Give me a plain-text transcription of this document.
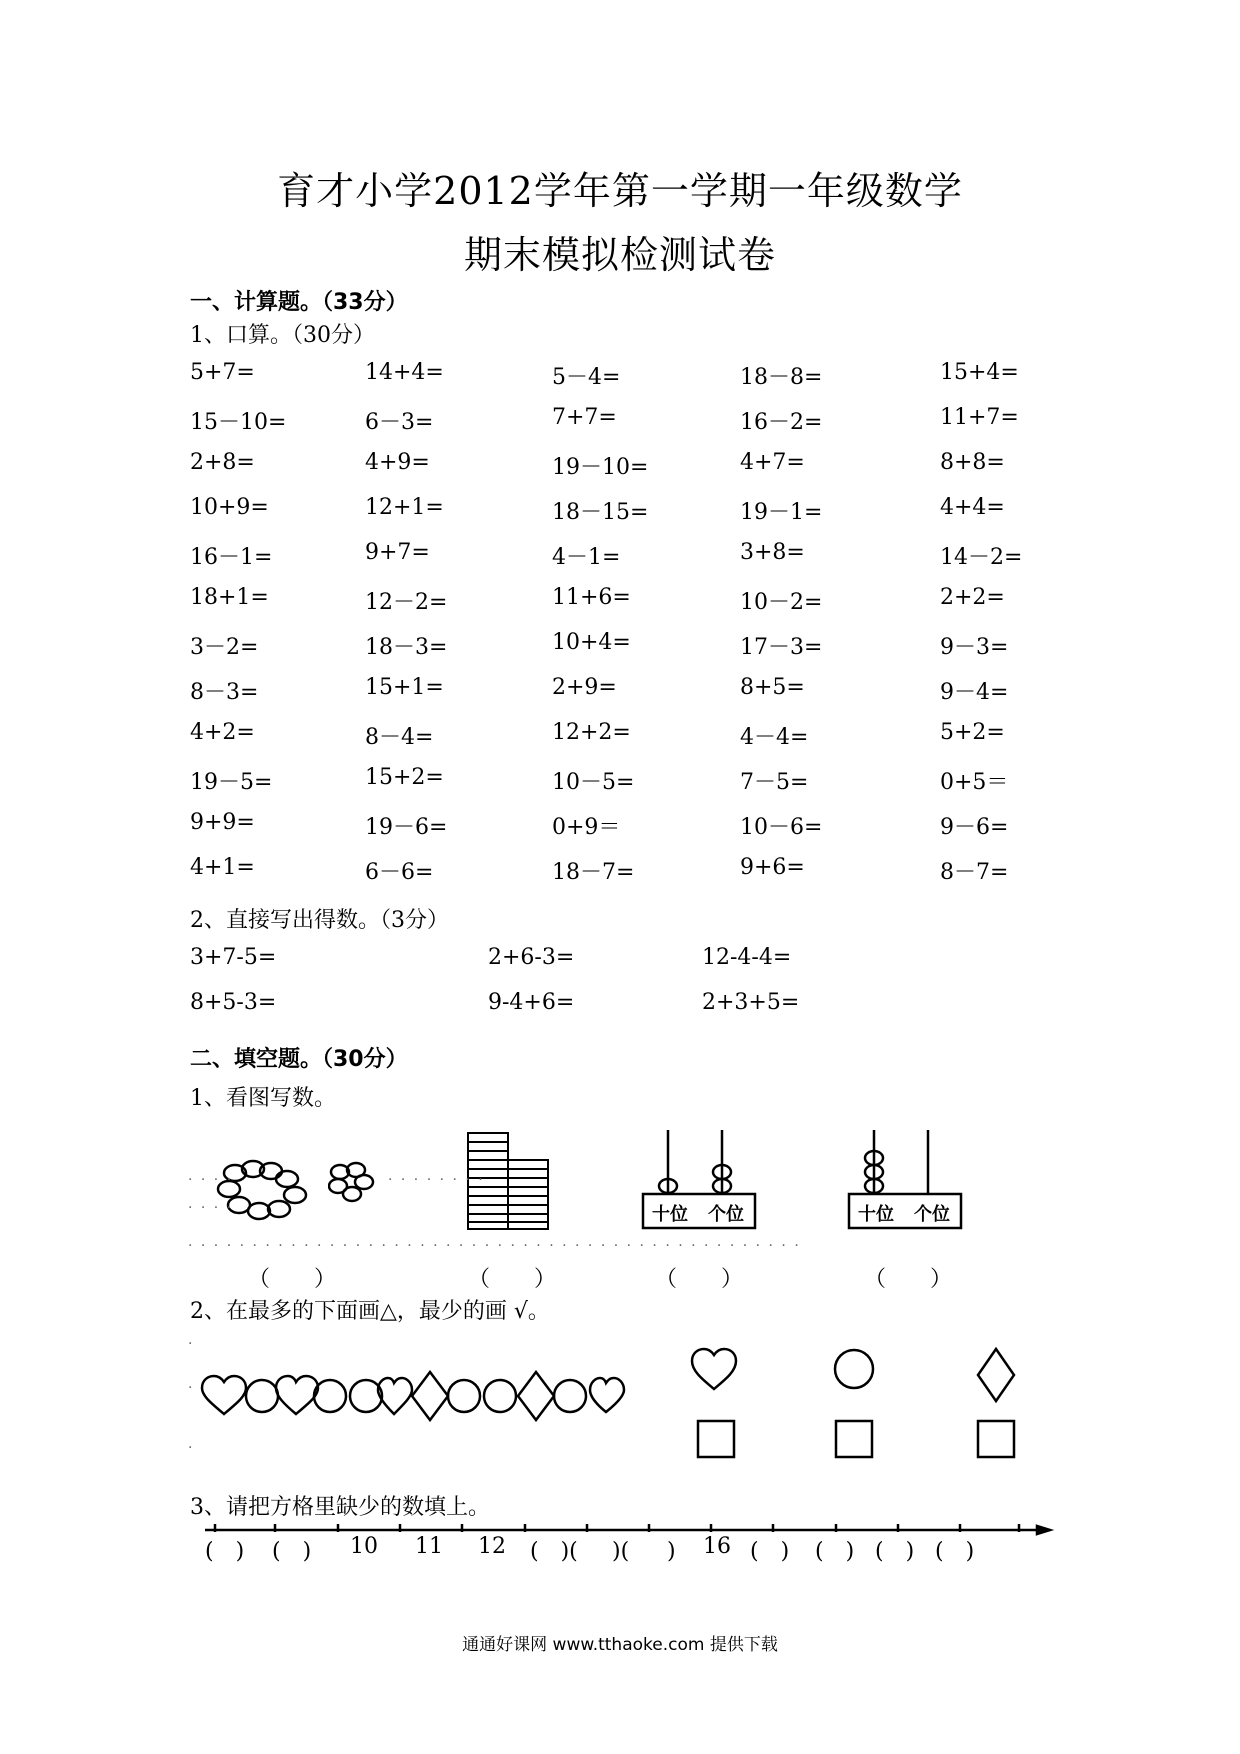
育才小学2012学年第一学期一年级数学
期末模拟检测试卷
一、计算题。（33分）
1、口算。（30分）
5+7=	14+4=	5－4=	18－8=	15+4=
15－10=	6－3=	7+7=	16－2=	11+7=
2+8=	4+9=	19－10=	4+7=	8+8=
10+9=	12+1=	18－15=	19－1=	4+4=
16－1=	9+7=	4－1=	3+8=	14－2=
18+1=	12－2=	11+6=	10－2=	2+2=
3－2=	18－3=	10+4=	17－3=	9－3=
8－3=	15+1=	2+9=	8+5=	9－4=
4+2=	8－4=	12+2=	4－4=	5+2=
19－5=	15+2=	10－5=	7－5=	0+5＝
9+9=	19－6=	0+9＝	10－6=	9－6=
4+1=	6－6=	18－7=	9+6=	8－7=
2、直接写出得数。（3分）
3+7-5=	2+6-3=	12-4-4=
8+5-3=	9-4+6=	2+3+5=
二、填空题。（30分）
1、看图写数。
十位 个位	十位 个位
· · · ·	· · · · · · · ·
· · · ·
· · · · · · · · · · · · · · · · · · · · · · · · · · · · · · · · · · · · · · · · · · · · · · · ·
（　　）	（　　）	（　　）	（　　）
2、在最多的下面画△，最少的画 √。
·
·
·
3、请把方格里缺少的数填上。
(　) (　) 10 11 12 (　)( 　)( 　) 16 (　) (　) (　) (　)
通通好课网 www.tthaoke.com 提供下载
